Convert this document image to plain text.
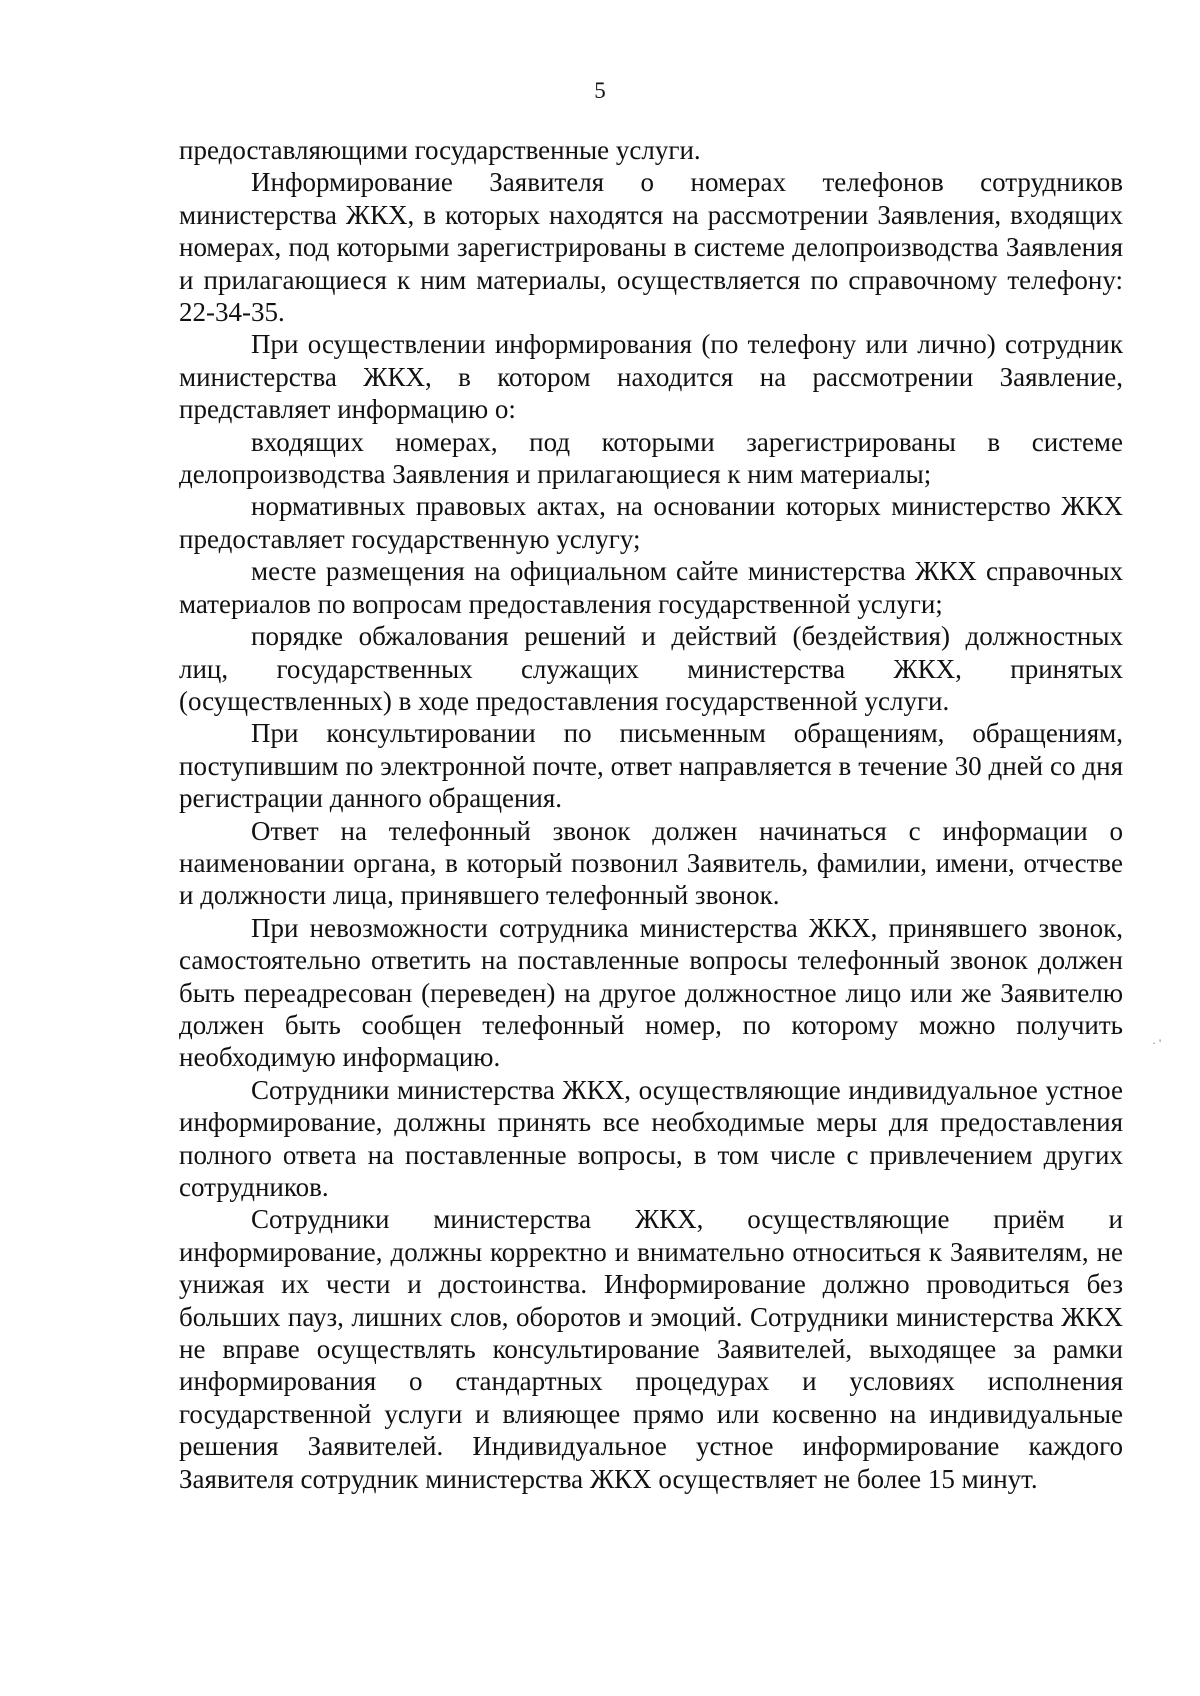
5

предоставляющими государственные услуги.

Информирование Заявителя о номерах телефонов сотрудников министерства ЖКХ, в которых находятся на рассмотрении Заявления, входящих номерах, под которыми зарегистрированы в системе делопроизводства Заявления и прилагающиеся к ним материалы, осуществляется по справочному телефону: 22-34-35.

При осуществлении информирования (по телефону или лично) сотрудник министерства ЖКХ, в котором находится на рассмотрении Заявление, представляет информацию о:

входящих номерах, под которыми зарегистрированы в системе делопроизводства Заявления и прилагающиеся к ним материалы;

нормативных правовых актах, на основании которых министерство ЖКХ предоставляет государственную услугу;

месте размещения на официальном сайте министерства ЖКХ справочных материалов по вопросам предоставления государственной услуги;

порядке обжалования решений и действий (бездействия) должностных лиц, государственных служащих министерства ЖКХ, принятых (осуществленных) в ходе предоставления государственной услуги.

При консультировании по письменным обращениям, обращениям, поступившим по электронной почте, ответ направляется в течение 30 дней со дня регистрации данного обращения.

Ответ на телефонный звонок должен начинаться с информации о наименовании органа, в который позвонил Заявитель, фамилии, имени, отчестве и должности лица, принявшего телефонный звонок.

При невозможности сотрудника министерства ЖКХ, принявшего звонок, самостоятельно ответить на поставленные вопросы телефонный звонок должен быть переадресован (переведен) на другое должностное лицо или же Заявителю должен быть сообщен телефонный номер, по которому можно получить необходимую информацию.

Сотрудники министерства ЖКХ, осуществляющие индивидуальное устное информирование, должны принять все необходимые меры для предоставления полного ответа на поставленные вопросы, в том числе с привлечением других сотрудников.

Сотрудники министерства ЖКХ, осуществляющие приём и информирование, должны корректно и внимательно относиться к Заявителям, не унижая их чести и достоинства. Информирование должно проводиться без больших пауз, лишних слов, оборотов и эмоций. Сотрудники министерства ЖКХ не вправе осуществлять консультирование Заявителей, выходящее за рамки информирования о стандартных процедурах и условиях исполнения государственной услуги и влияющее прямо или косвенно на индивидуальные решения Заявителей. Индивидуальное устное информирование каждого Заявителя сотрудник министерства ЖКХ осуществляет не более 15 минут.

· '
